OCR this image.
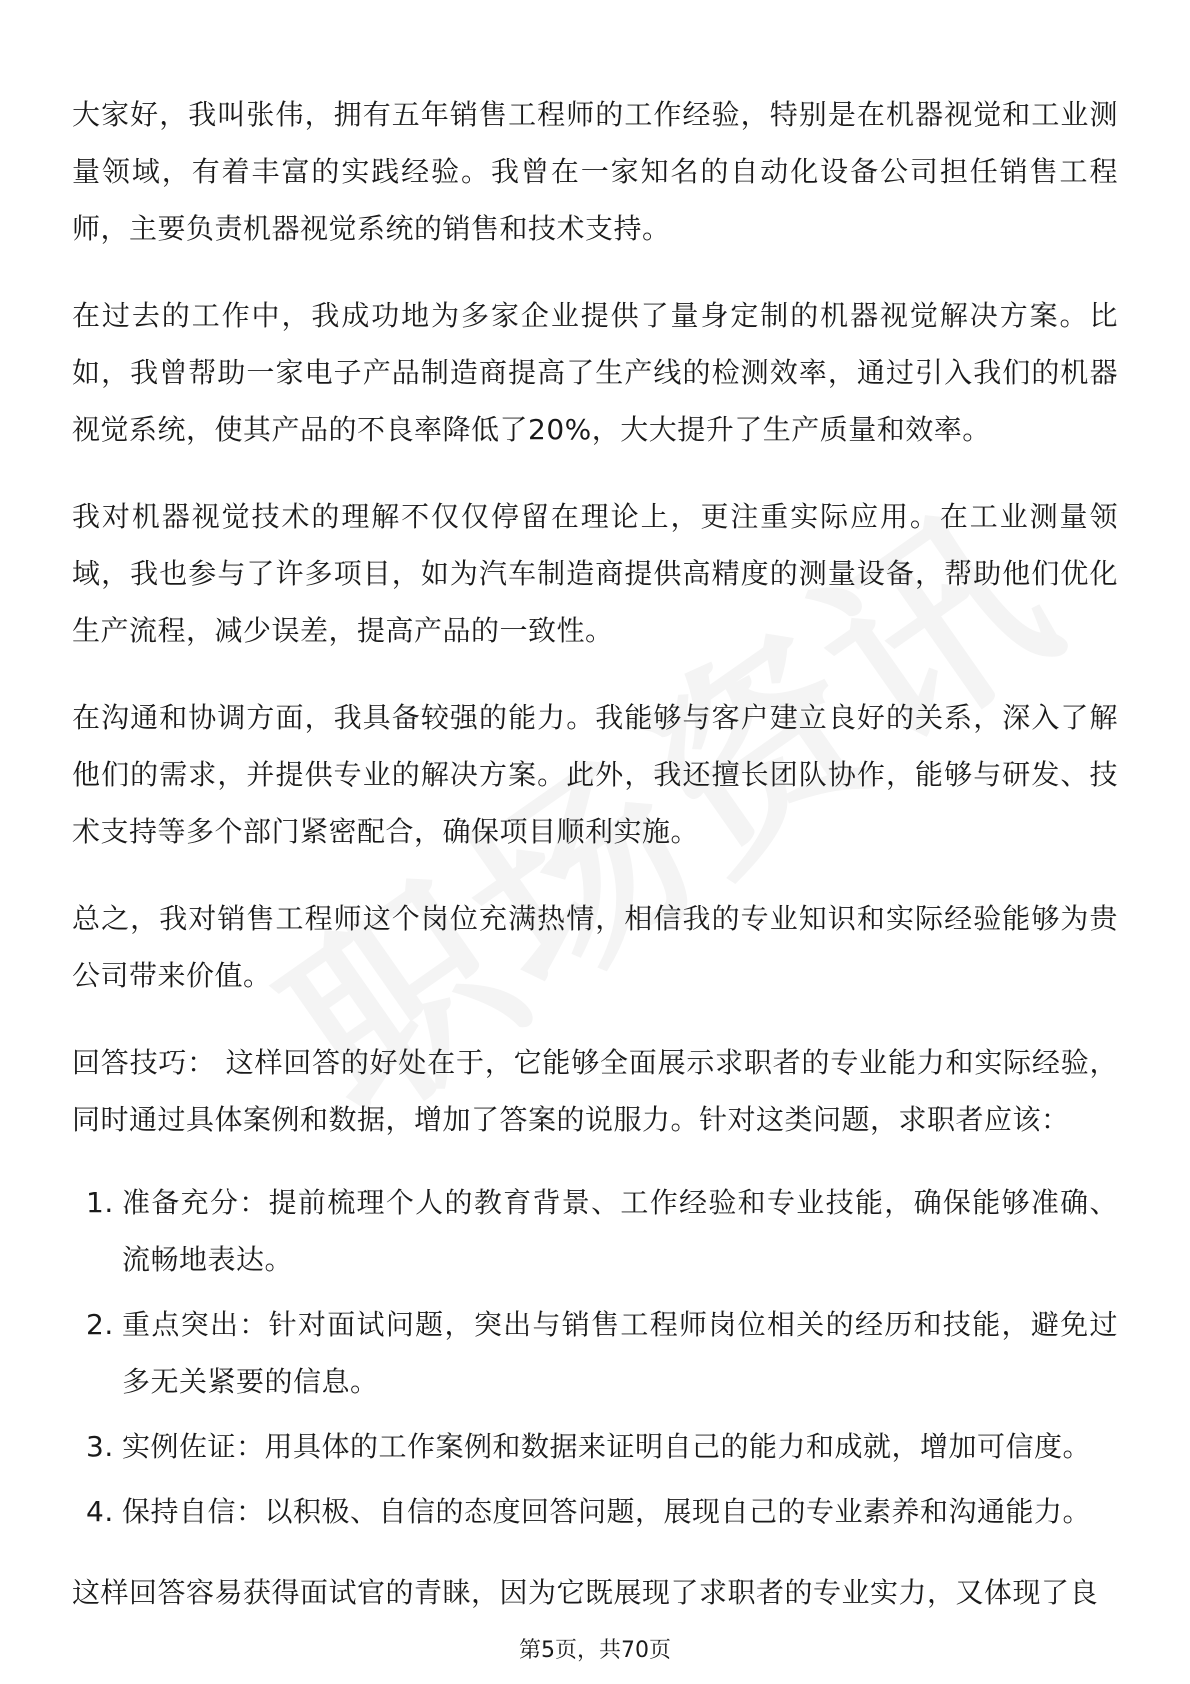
大家好，我叫张伟，拥有五年销售工程师的工作经验，特别是在机器视觉和工业测量领域，有着丰富的实践经验。我曾在一家知名的自动化设备公司担任销售工程师，主要负责机器视觉系统的销售和技术支持。

在过去的工作中，我成功地为多家企业提供了量身定制的机器视觉解决方案。比如，我曾帮助一家电子产品制造商提高了生产线的检测效率，通过引入我们的机器视觉系统，使其产品的不良率降低了20%，大大提升了生产质量和效率。

我对机器视觉技术的理解不仅仅停留在理论上，更注重实际应用。在工业测量领域，我也参与了许多项目，如为汽车制造商提供高精度的测量设备，帮助他们优化生产流程，减少误差，提高产品的一致性。

在沟通和协调方面，我具备较强的能力。我能够与客户建立良好的关系，深入了解他们的需求，并提供专业的解决方案。此外，我还擅长团队协作，能够与研发、技术支持等多个部门紧密配合，确保项目顺利实施。

总之，我对销售工程师这个岗位充满热情，相信我的专业知识和实际经验能够为贵公司带来价值。

回答技巧： 这样回答的好处在于，它能够全面展示求职者的专业能力和实际经验，同时通过具体案例和数据，增加了答案的说服力。针对这类问题，求职者应该：

1. 准备充分：提前梳理个人的教育背景、工作经验和专业技能，确保能够准确、流畅地表达。
2. 重点突出：针对面试问题，突出与销售工程师岗位相关的经历和技能，避免过多无关紧要的信息。
3. 实例佐证：用具体的工作案例和数据来证明自己的能力和成就，增加可信度。
4. 保持自信：以积极、自信的态度回答问题，展现自己的专业素养和沟通能力。

这样回答容易获得面试官的青睐，因为它既展现了求职者的专业实力，又体现了良

第5页，共70页
